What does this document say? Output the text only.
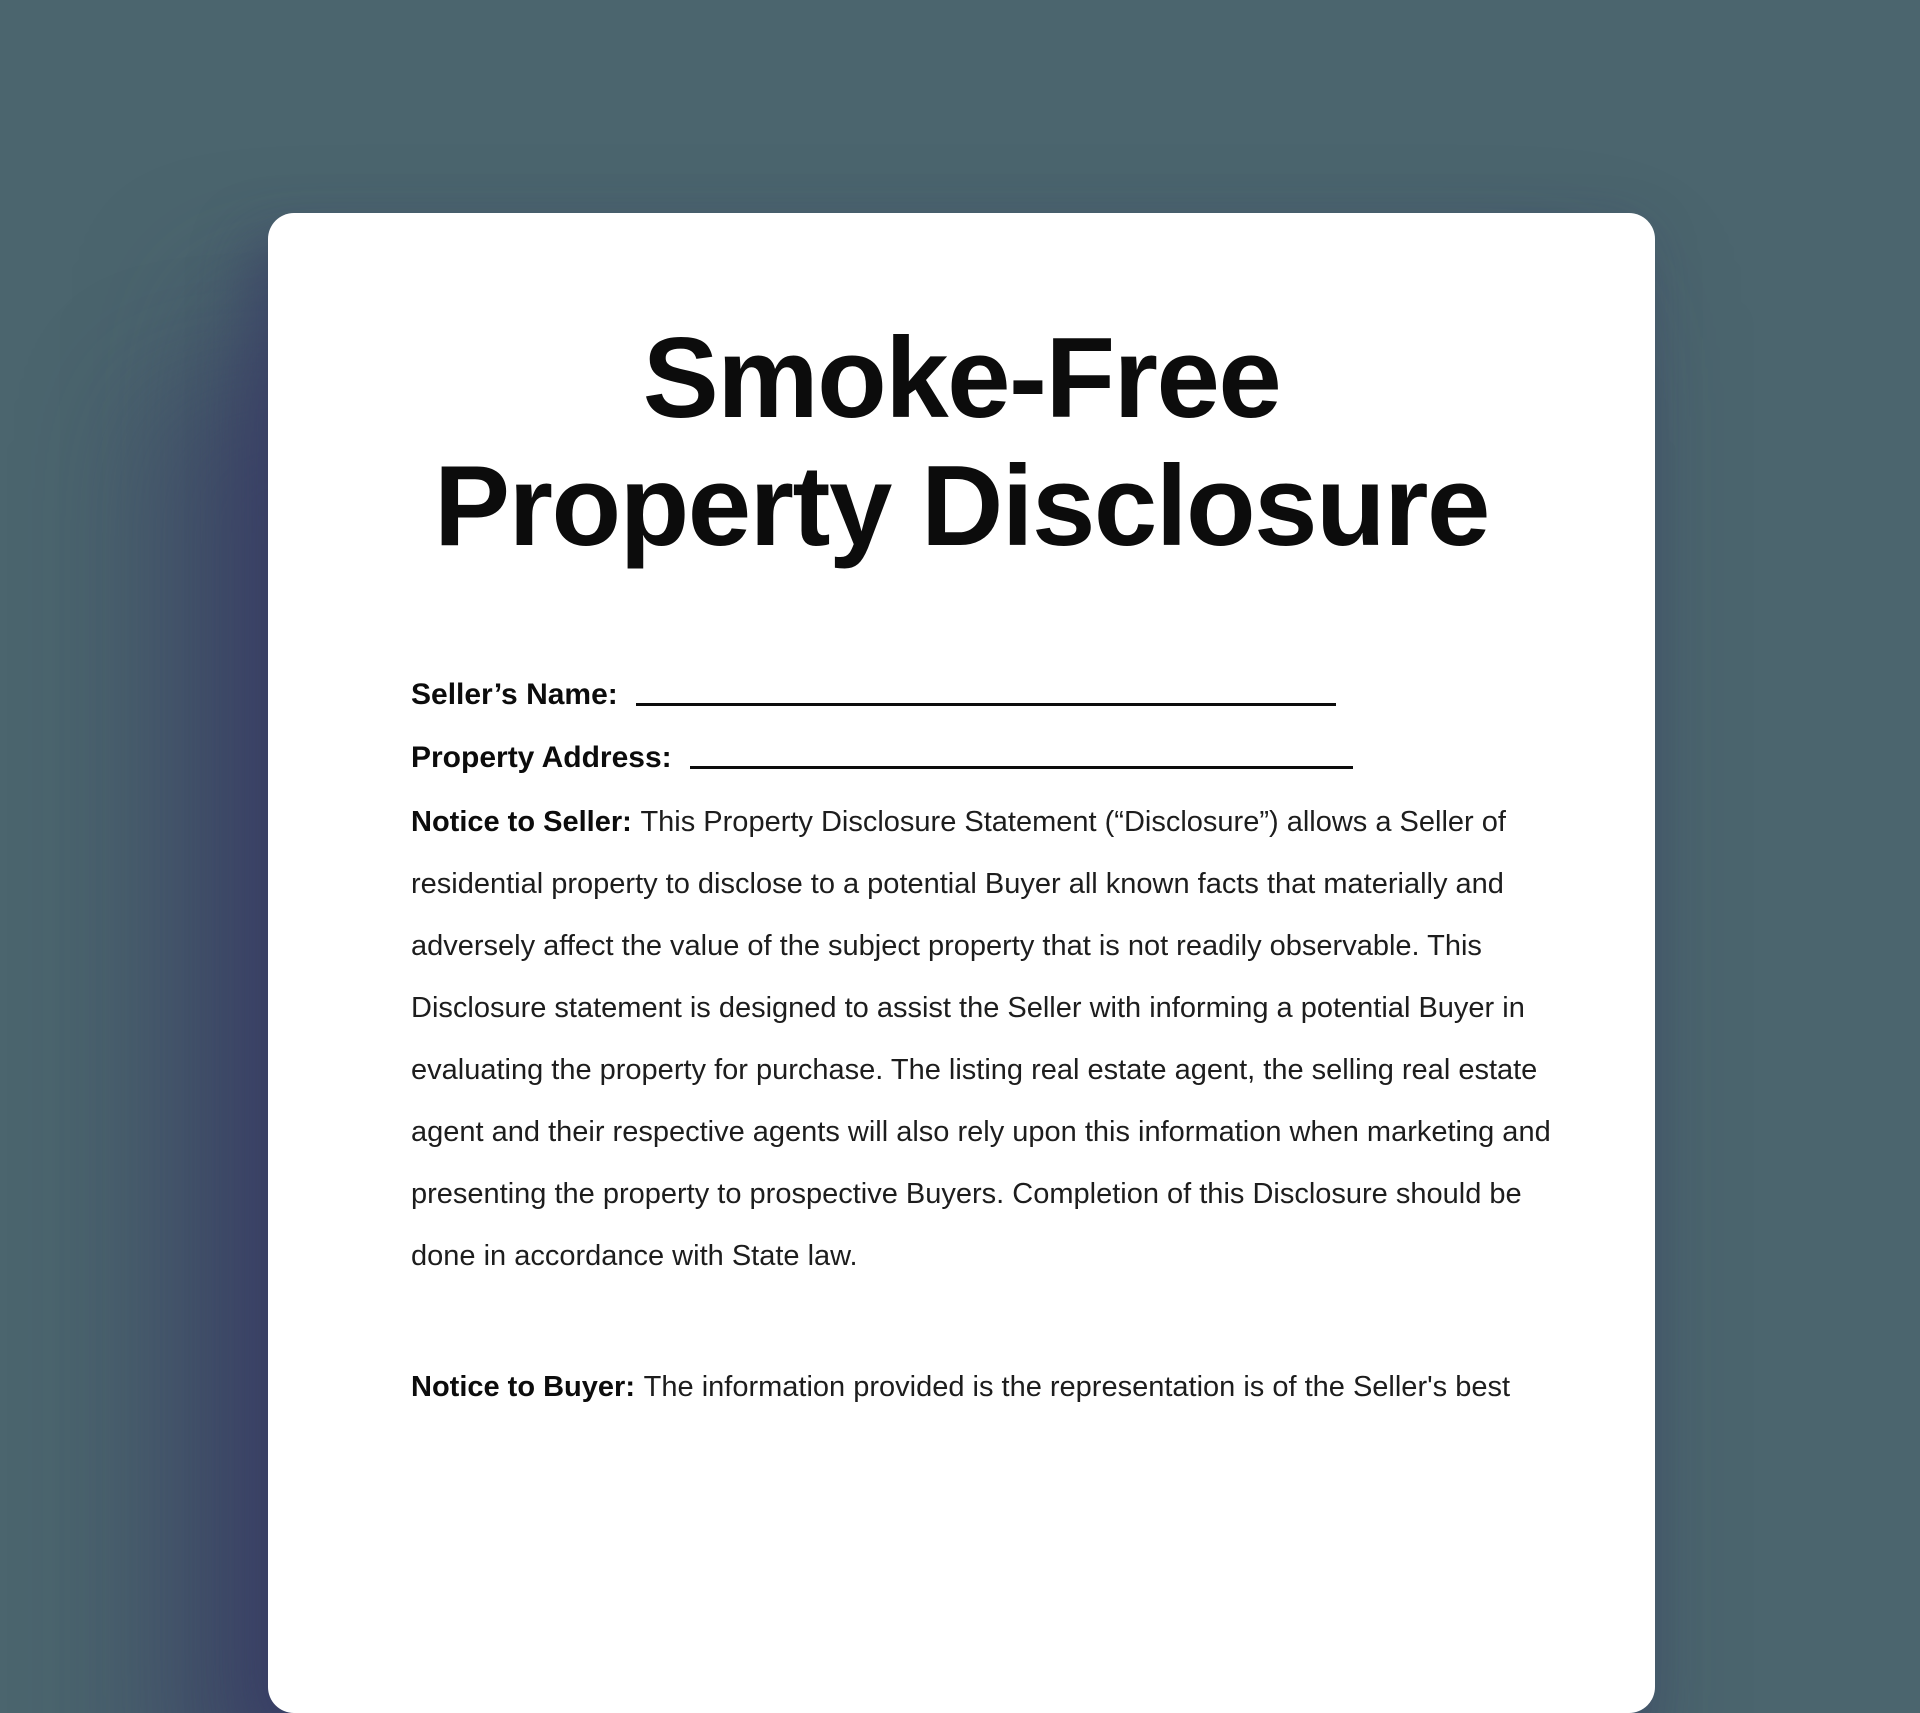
Smoke-Free
Property Disclosure
Seller’s Name:
Property Address:
Notice to Seller: This Property Disclosure Statement (“Disclosure”) allows a Seller of
residential property to disclose to a potential Buyer all known facts that materially and
adversely affect the value of the subject property that is not readily observable. This
Disclosure statement is designed to assist the Seller with informing a potential Buyer in
evaluating the property for purchase. The listing real estate agent, the selling real estate
agent and their respective agents will also rely upon this information when marketing and
presenting the property to prospective Buyers. Completion of this Disclosure should be
done in accordance with State law.
Notice to Buyer: The information provided is the representation is of the Seller's best
